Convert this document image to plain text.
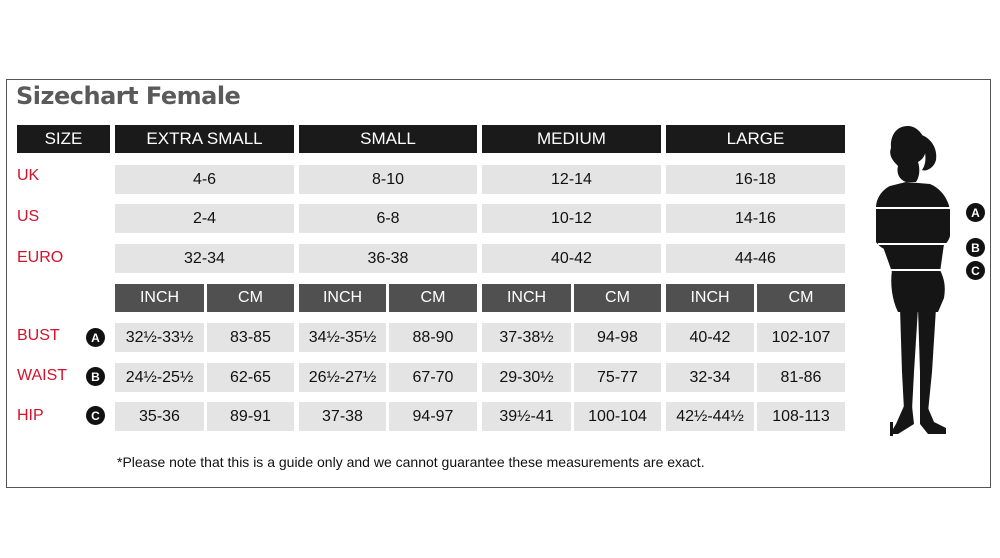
Sizechart Female
SIZE	EXTRA SMALL	SMALL	MEDIUM	LARGE
UK	4-6	8-10	12-14	16-18
US	2-4	6-8	10-12	14-16
EURO	32-34	36-38	40-42	44-46
INCH	CM	INCH	CM	INCH	CM	INCH	CM
BUST	A	32½-33½	83-85	34½-35½	88-90	37-38½	94-98	40-42	102-107
WAIST	B	24½-25½	62-65	26½-27½	67-70	29-30½	75-77	32-34	81-86
HIP	C	35-36	89-91	37-38	94-97	39½-41	100-104	42½-44½	108-113
A
B
C
*Please note that this is a guide only and we cannot guarantee these measurements are exact.
